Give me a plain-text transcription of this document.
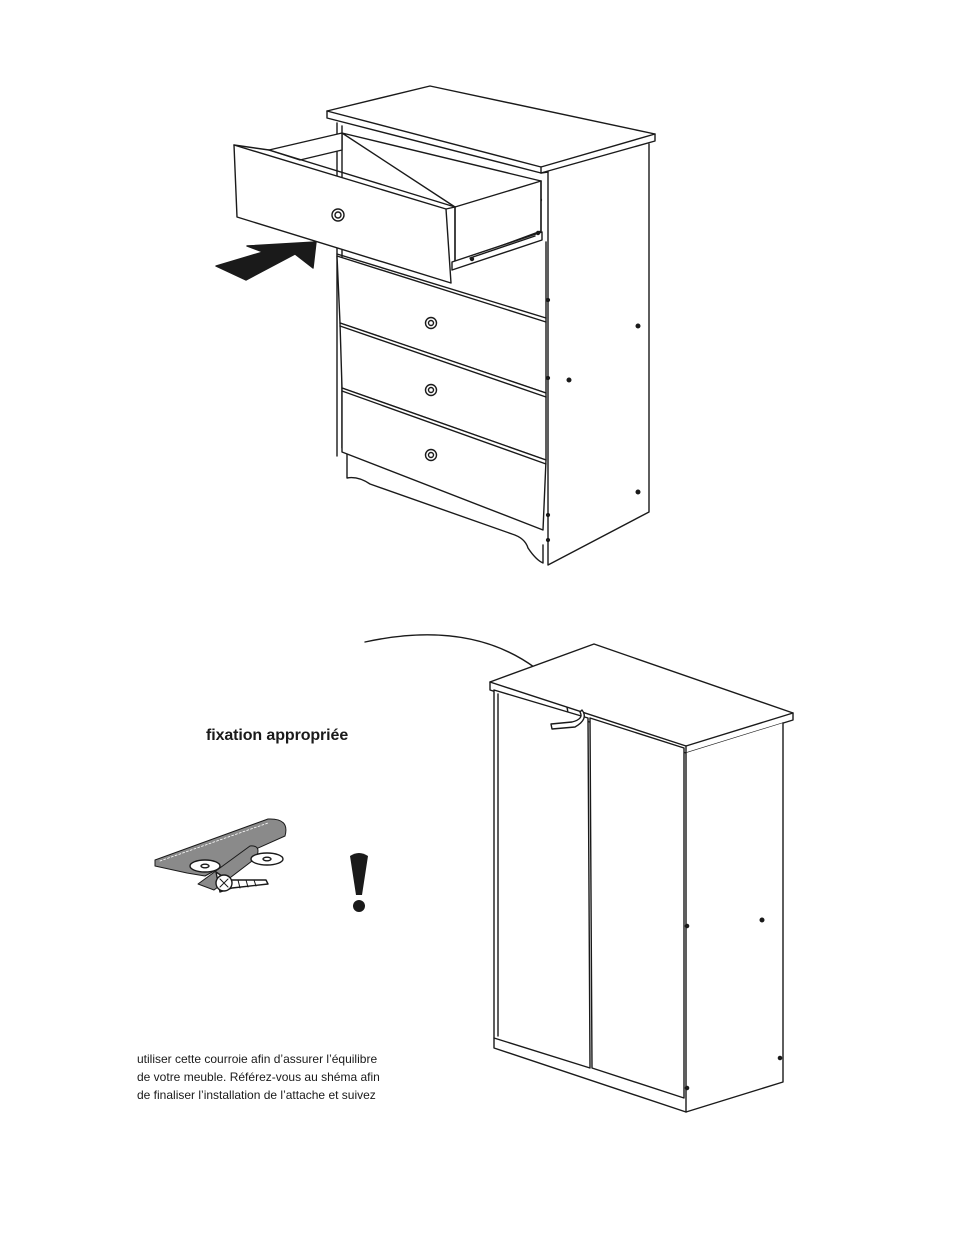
fixation appropriée
utiliser cette courroie afin d’assurer l’équilibre
de votre meuble. Référez-vous au shéma afin
de finaliser l’installation de l’attache et suivez
